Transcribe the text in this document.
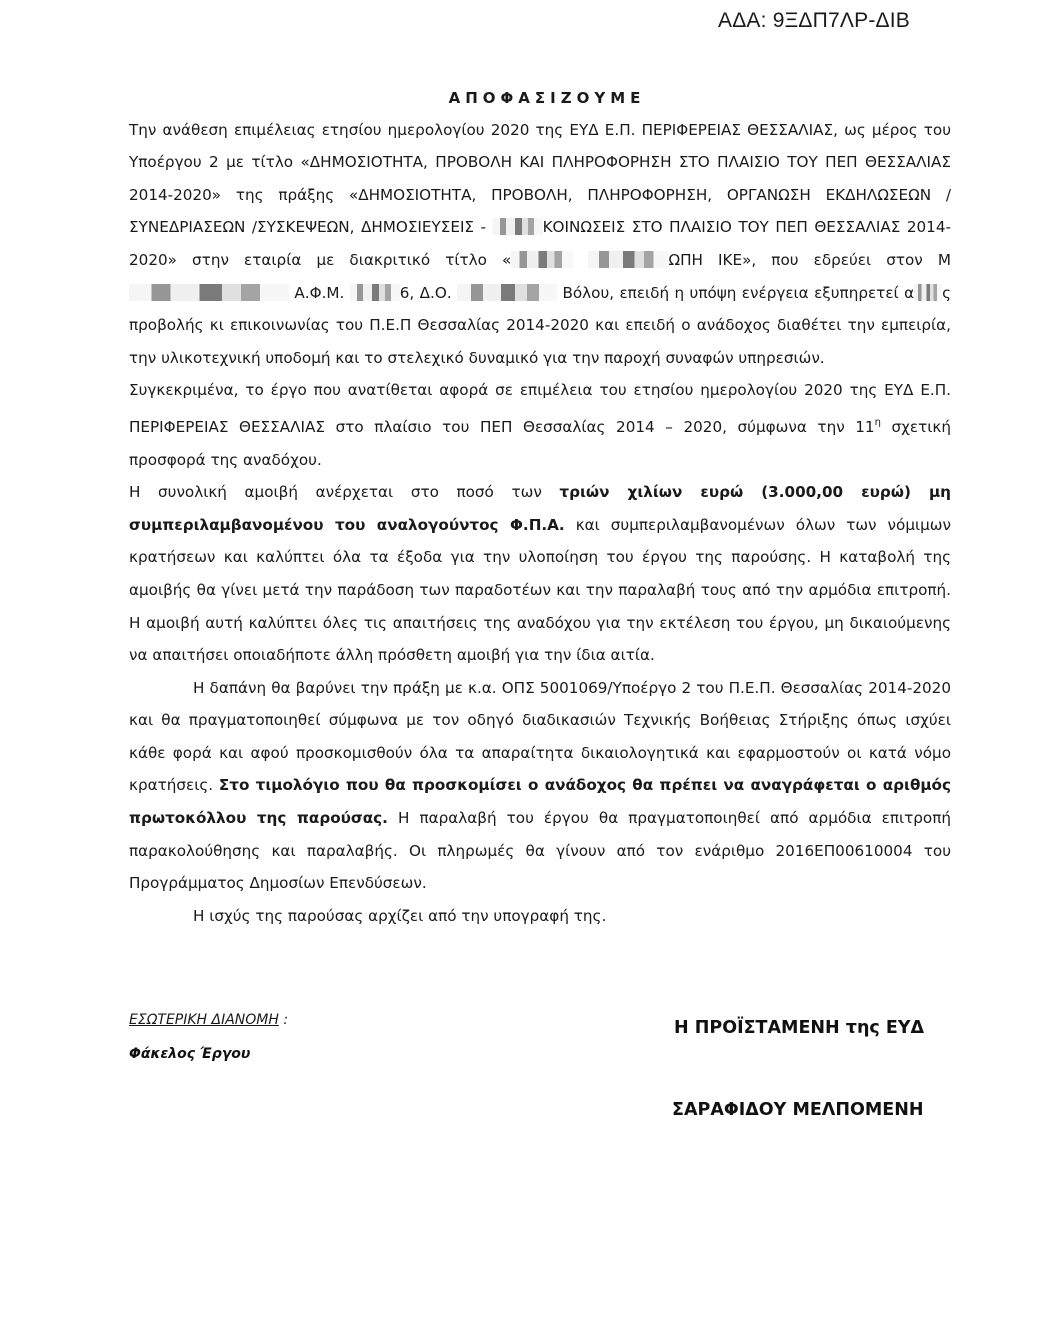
ΑΔΑ: 9ΞΔΠ7ΛΡ-ΔΙΒ
ΑΠΟΦΑΣΙΖΟΥΜΕ

Την ανάθεση επιμέλειας ετησίου ημερολογίου 2020 της ΕΥΔ Ε.Π. ΠΕΡΙΦΕΡΕΙΑΣ ΘΕΣΣΑΛΙΑΣ, ως μέρος του Υποέργου 2 με τίτλο «ΔΗΜΟΣΙΟΤΗΤΑ, ΠΡΟΒΟΛΗ ΚΑΙ ΠΛΗΡΟΦΟΡΗΣΗ ΣΤΟ ΠΛΑΙΣΙΟ ΤΟΥ ΠΕΠ ΘΕΣΣΑΛΙΑΣ 2014-2020» της πράξης «ΔΗΜΟΣΙΟΤΗΤΑ, ΠΡΟΒΟΛΗ, ΠΛΗΡΟΦΟΡΗΣΗ, ΟΡΓΑΝΩΣΗ ΕΚΔΗΛΩΣΕΩΝ / ΣΥΝΕΔΡΙΑΣΕΩΝ /ΣΥΣΚΕΨΕΩΝ, ΔΗΜΟΣΙΕΥΣΕΙΣ -	ΚΟΙΝΩΣΕΙΣ ΣΤΟ ΠΛΑΙΣΙΟ ΤΟΥ ΠΕΠ ΘΕΣΣΑΛΙΑΣ 2014-2020» στην εταιρία με διακριτικό τίτλο «	ΩΠΗ ΙΚΕ», που εδρεύει στον Μ Α.Φ.Μ.	6, Δ.Ο.	Βόλου, επειδή η υπόψη ενέργεια εξυπηρετεί α ς προβολής κι επικοινωνίας του Π.Ε.Π Θεσσαλίας 2014-2020 και επειδή ο ανάδοχος διαθέτει την εμπειρία, την υλικοτεχνική υποδομή και το στελεχικό δυναμικό για την παροχή συναφών υπηρεσιών.

Συγκεκριμένα, το έργο που ανατίθεται αφορά σε επιμέλεια του ετησίου ημερολογίου 2020 της ΕΥΔ Ε.Π. ΠΕΡΙΦΕΡΕΙΑΣ ΘΕΣΣΑΛΙΑΣ στο πλαίσιο του ΠΕΠ Θεσσαλίας 2014 – 2020, σύμφωνα την $11^\eta$ σχετική προσφορά της αναδόχου.

Η συνολική αμοιβή ανέρχεται στο ποσό των τριών χιλίων ευρώ (3.000,00 ευρώ) μη συμπεριλαμβανομένου του αναλογούντος Φ.Π.Α. και συμπεριλαμβανομένων όλων των νόμιμων κρατήσεων και καλύπτει όλα τα έξοδα για την υλοποίηση του έργου της παρούσης. Η καταβολή της αμοιβής θα γίνει μετά την παράδοση των παραδοτέων και την παραλαβή τους από την αρμόδια επιτροπή. Η αμοιβή αυτή καλύπτει όλες τις απαιτήσεις της αναδόχου για την εκτέλεση του έργου, μη δικαιούμενης να απαιτήσει οποιαδήποτε άλλη πρόσθετη αμοιβή για την ίδια αιτία.

Η δαπάνη θα βαρύνει την πράξη με κ.α. ΟΠΣ 5001069/Υποέργο 2 του Π.Ε.Π. Θεσσαλίας 2014-2020 και θα πραγματοποιηθεί σύμφωνα με τον οδηγό διαδικασιών Τεχνικής Βοήθειας Στήριξης όπως ισχύει κάθε φορά και αφού προσκομισθούν όλα τα απαραίτητα δικαιολογητικά και εφαρμοστούν οι κατά νόμο κρατήσεις. Στο τιμολόγιο που θα προσκομίσει ο ανάδοχος θα πρέπει να αναγράφεται ο αριθμός πρωτοκόλλου της παρούσας. Η παραλαβή του έργου θα πραγματοποιηθεί από αρμόδια επιτροπή παρακολούθησης και παραλαβής. Οι πληρωμές θα γίνουν από τον ενάριθμο 2016ΕΠ00610004 του Προγράμματος Δημοσίων Επενδύσεων.

Η ισχύς της παρούσας αρχίζει από την υπογραφή της.

ΕΣΩΤΕΡΙΚΗ ΔΙΑΝΟΜΗ :
Φάκελος Έργου
Η ΠΡΟΪΣΤΑΜΕΝΗ της ΕΥΔ
ΣΑΡΑΦΙΔΟΥ ΜΕΛΠΟΜΕΝΗ
